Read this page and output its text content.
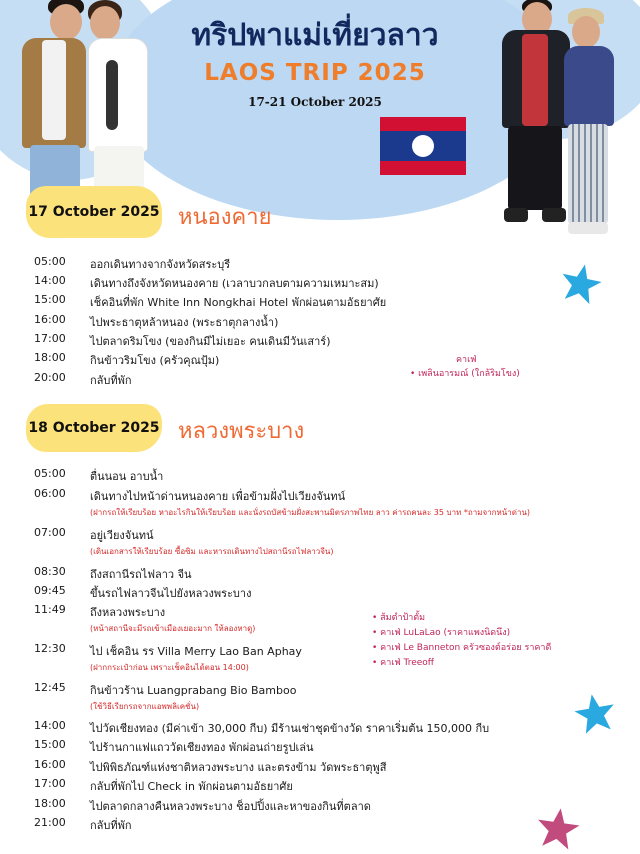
ทริปพาแม่เที่ยวลาว
LAOS TRIP 2025
17-21 October 2025
17 October 2025 หนองคาย
คาเฟ่
18 October 2025 หลวงพระบาง
05:00 ออกเดินทางจากจังหวัดสระบุรี
14:00 เดินทางถึงจังหวัดหนองคาย (เวลาบวกลบตามความเหมาะสม)
15:00 เช็คอินที่พัก White Inn Nongkhai Hotel พักผ่อนตามอัธยาศัย
16:00 ไปพระธาตุหล้าหนอง (พระธาตุกลางน้ำ)
17:00 ไปตลาดริมโขง (ของกินมีไม่เยอะ คนเดินมีวันเสาร์)
18:00 กินข้าวริมโขง (ครัวคุณปุ้ม)
20:00 กลับที่พัก	• เพลินอารมณ์ (ใกล้ริมโขง)
05:00 ตื่นนอน อาบน้ำ
06:00 เดินทางไปหน้าด่านหนองคาย เพื่อข้ามฝั่งไปเวียงจันทน์
(ฝากรถให้เรียบร้อย หาอะไรกินให้เรียบร้อย และนั่งรถบัสข้ามฝั่งสะพานมิตรภาพไทย ลาว ค่ารถคนละ 35 บาท *ถามจากหน้าด่าน)
07:00 อยู่เวียงจันทน์
(เดินเอกสารให้เรียบร้อย ซื้อซิม และหารถเดินทางไปสถานีรถไฟลาวจีน)
08:30 ถึงสถานีรถไฟลาว จีน
09:45 ขึ้นรถไฟลาวจีนไปยังหลวงพระบาง
11:49 ถึงหลวงพระบาง
(หน้าสถานีจะมีรถเข้าเมืองเยอะมาก ให้ลองหาดู)
12:30 ไป เช็คอิน รร Villa Merry Lao Ban Aphay
(ฝากกระเป๋าก่อน เพราะเช็คอินได้ตอน 14:00)
12:45 กินข้าวร้าน Luangprabang Bio Bamboo
(ใช้วิธีเรียกรถจากแอพพลิเคชั่น)
14:00 ไปวัดเชียงทอง (มีค่าเข้า 30,000 กีบ) มีร้านเช่าชุดข้างวัด ราคาเริ่มต้น 150,000 กีบ
15:00 ไปร้านกาแฟแถววัดเชียงทอง พักผ่อนถ่ายรูปเล่น
16:00 ไปพิพิธภัณฑ์แห่งชาติหลวงพระบาง และตรงข้าม วัดพระธาตุพูสี
17:00 กลับที่พักไป Check in พักผ่อนตามอัธยาศัย
18:00 ไปตลาดกลางคืนหลวงพระบาง ช็อปปิ้งและหาของกินที่ตลาด
21:00 กลับที่พัก
• ส้มตำป้าตั้ม
• คาเฟ่ LuLaLao (ราคาแพงนิดนึง)
• คาเฟ่ Le Banneton ครัวซองต์อร่อย ราคาดี
• คาเฟ่ Treeoff
